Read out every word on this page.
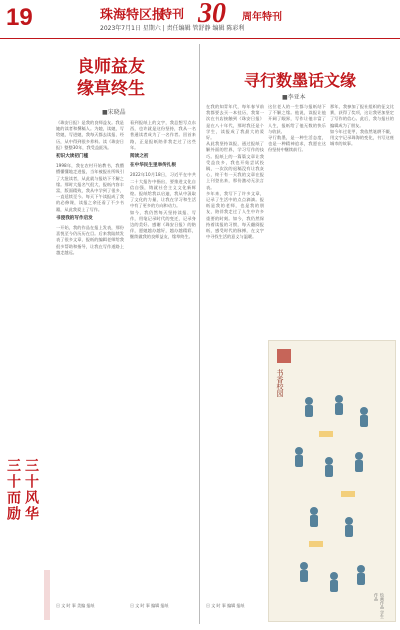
19	珠海特区报
特刊 30 周年特刊
2023年7月1日 星期六 | 责任编辑 管舒静 编辑 陈彩利
良师益友
缘草终生
■宋晓晶

《珠安日报》是我的良师益友。我是她的读者和撰稿人。为她，读她，写给她，写进她，我每天都去读报、经历，从中得到很多养料。读《珠安日报》整整30年，我受益匪浅。

初识大读初门槛

1998年，我在农村开始教书，我懵懵懂懂地走进报，当年被报社所吸引了大批读者，从此就与报结下不解之缘。那时大报名气很大，报纸内容丰富，版面精致，我从中学到了很多，一直延续至今。每天下午读报成了我的必修课，读报之余还看了不少书籍，从此我爱上了写作。

书浸我的写作启发

一开始，我的作品在报上发表，那份喜悦至今仍历历在目。后来我陆续发表了很多文章，报纸的编辑老师给我很多帮助和指导，让我在写作道路上越走越远。

看到报纸上的文字，我总想写点东西，也许就是这份坚持，我从一名普通读者成为了一名作者。回首来路，正是报纸陪伴我走过了这些年。

阅读之初
在中华民生里举传扎根

2022年10月18日，习近平在中共二十大报告中指出，要推进文化自信自强，铸就社会主义文化新辉煌。报纸给我以启迪，我从中汲取了文化的力量，让我在学习和生活中有了更多的方向和动力。

如今，我仍然每天坚持读报、写作，用笔记录时代的变迁，记录身边的美好。感谢《珠安日报》的陪伴，愿她越办越好，越办越精彩，继续做我的良师益友，缘草终生。

三十风华
三十而励
日 文 时 事 美编 报纸	日 文 时 事 编辑 报纸
寻行数墨话文缘
■李亚本

在我的知青年代，每年春节前我都要去买一本挂历，我第一次在书店接触到《珠安日报》是在八十年代，那时我还是个学生，读报成了我最大的爱好。

从此我坚持读报，通过报纸了解外面的世界，学习写作的技巧。报纸上的一篇篇文章让我受益良多，我也开始尝试投稿，一次次的退稿没有让我灰心，终于有一天我的文章在报上刊登出来，那份激动无法言表。

多年来，我写下了许多文章，记录了生活中的点点滴滴。报纸是我的老师，也是我的朋友，陪伴我走过了人生中许多重要的时刻。如今，我仍然保持着读报的习惯，每天翻阅报纸，感受时代的脉搏，在文字中寻找生活的意义与温暖。

这位老人的一生都与报纸结下了不解之缘。他说，读报让他开阔了眼界，写作让他丰富了人生，报纸给了他无数的快乐与收获。

寻行数墨，是一种生活态度，也是一种精神追求，我愿在这份坚持中继续前行。

那年，我参加了报社组织的征文比赛，获得了奖项，这让我更加坚定了写作的信心。此后，我与报社的编辑成为了朋友。

如今年过花甲，我依然笔耕不辍，用文字记录珠海的变化，书写这座城市的故事。

书香校园
绘画作品 学生作品
日 文 时 事 编辑 报纸
